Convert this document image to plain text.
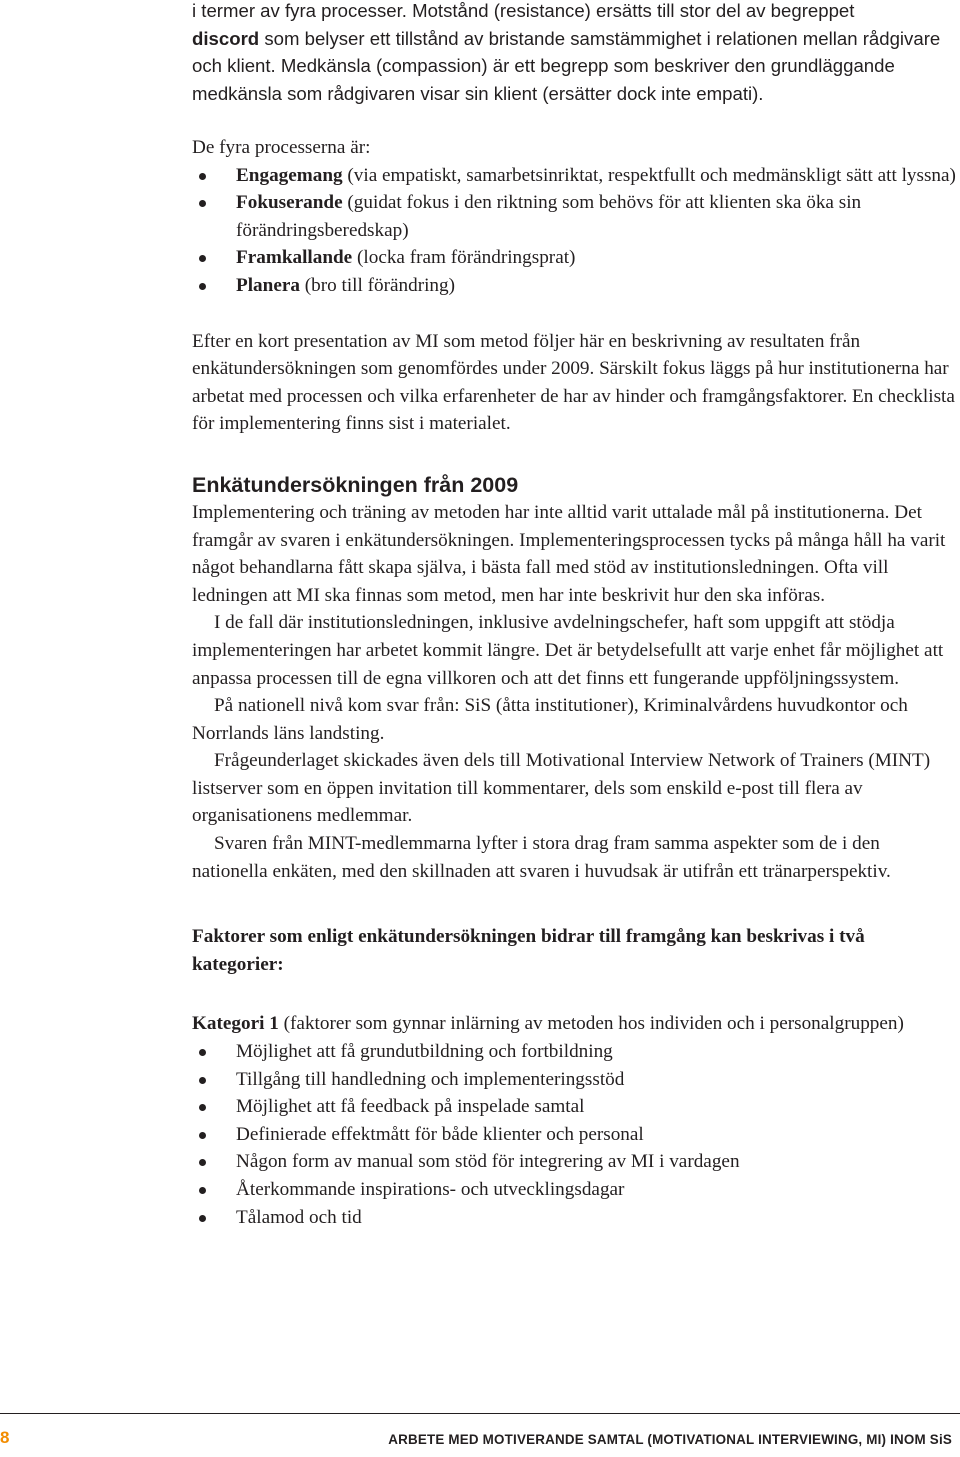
i termer av fyra processer. Motstånd (resistance) ersätts till stor del av begreppet
discord som belyser ett tillstånd av bristande samstämmighet i relationen mellan rådgivare och klient. Medkänsla (compassion) är ett begrepp som beskriver den grundläggande medkänsla som rådgivaren visar sin klient (ersätter dock inte empati).

De fyra processerna är:

Engagemang (via empatiskt, samarbetsinriktat, respektfullt och medmänskligt sätt att lyssna)
Fokuserande (guidat fokus i den riktning som behövs för att klienten ska öka sin förändringsberedskap)
Framkallande (locka fram förändringsprat)
Planera (bro till förändring)

Efter en kort presentation av MI som metod följer här en beskrivning av resultaten från enkätundersökningen som genomfördes under 2009. Särskilt fokus läggs på hur institutionerna har arbetat med processen och vilka erfarenheter de har av hinder och framgångsfaktorer. En checklista för implementering finns sist i materialet.

Enkätundersökningen från 2009

Implementering och träning av metoden har inte alltid varit uttalade mål på institutionerna. Det framgår av svaren i enkätundersökningen. Implementeringsprocessen tycks på många håll ha varit något behandlarna fått skapa själva, i bästa fall med stöd av institutionsledningen. Ofta vill ledningen att MI ska finnas som metod, men har inte beskrivit hur den ska införas.

I de fall där institutionsledningen, inklusive avdelningschefer, haft som uppgift att stödja implementeringen har arbetet kommit längre. Det är betydelsefullt att varje enhet får möjlighet att anpassa processen till de egna villkoren och att det finns ett fungerande uppföljningssystem.

På nationell nivå kom svar från: SiS (åtta institutioner), Kriminalvårdens huvudkontor och Norrlands läns landsting.

Frågeunderlaget skickades även dels till Motivational Interview Network of Trainers (MINT) listserver som en öppen invitation till kommentarer, dels som enskild e-post till flera av organisationens medlemmar.

Svaren från MINT-medlemmarna lyfter i stora drag fram samma aspekter som de i den nationella enkäten, med den skillnaden att svaren i huvudsak är utifrån ett tränarperspektiv.

Faktorer som enligt enkätundersökningen bidrar till framgång kan beskrivas i två kategorier:

Kategori 1 (faktorer som gynnar inlärning av metoden hos individen och i personalgruppen)

Möjlighet att få grundutbildning och fortbildning
Tillgång till handledning och implementeringsstöd
Möjlighet att få feedback på inspelade samtal
Definierade effektmått för både klienter och personal
Någon form av manual som stöd för integrering av MI i vardagen
Återkommande inspirations- och utvecklingsdagar
Tålamod och tid
8	ARBETE MED MOTIVERANDE SAMTAL (MOTIVATIONAL INTERVIEWING, MI) INOM SiS
